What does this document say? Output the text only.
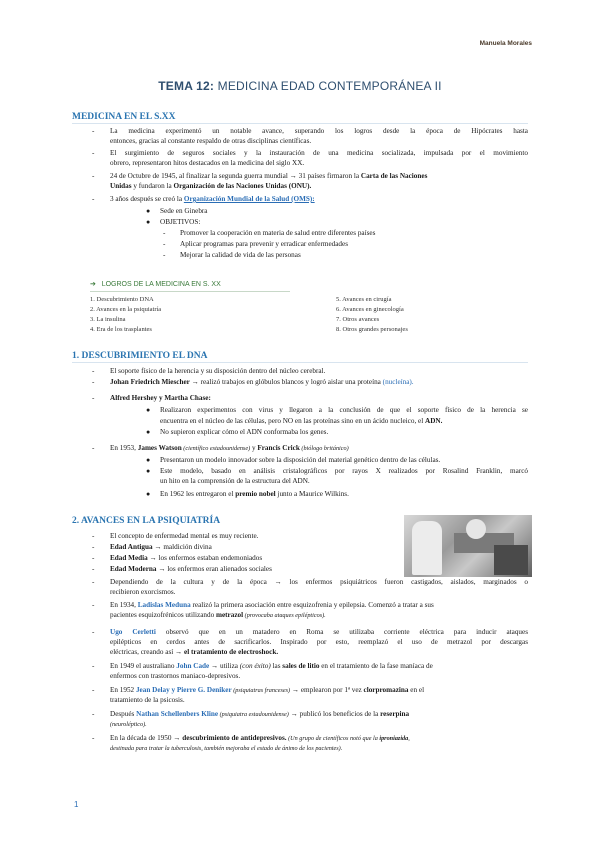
Manuela Morales
TEMA 12: MEDICINA EDAD CONTEMPORÁNEA II
MEDICINA EN EL S.XX
- La medicina experimentó un notable avance, superando los logros desde la época de Hipócrates hasta
entonces, gracias al constante respaldo de otras disciplinas científicas.
- El surgimiento de seguros sociales y la instauración de una medicina socializada, impulsada por el movimiento
obrero, representaron hitos destacados en la medicina del siglo XX.
- 24 de Octubre de 1945, al finalizar la segunda guerra mundial → 31 países firmaron la Carta de las Naciones
Unidas y fundaron la Organización de las Naciones Unidas (ONU).
- 3 años después se creó la Organización Mundial de la Salud (OMS):
● Sede en Ginebra
● OBJETIVOS:
- Promover la cooperación en materia de salud entre diferentes países
- Aplicar programas para prevenir y erradicar enfermedades
- Mejorar la calidad de vida de las personas
➔ LOGROS DE LA MEDICINA EN S. XX
1. Descubrimiento DNA
2. Avances en la psiquiatría
3. La insulina
4. Era de los trasplantes
5. Avances en cirugía
6. Avances en ginecología
7. Otros avances
8. Otros grandes personajes
1. DESCUBRIMIENTO EL DNA
- El soporte físico de la herencia y su disposición dentro del núcleo cerebral.
- Johan Friedrich Miescher → realizó trabajos en glóbulos blancos y logró aislar una proteína (nucleína).
- Alfred Hershey y Martha Chase:
● Realizaron experimentos con virus y llegaron a la conclusión de que el soporte físico de la herencia se
encuentra en el núcleo de las células, pero NO en las proteínas sino en un ácido nucleico, el ADN.
● No supieron explicar cómo el ADN conformaba los genes.
- En 1953, James Watson (científico estadounidense) y Francis Crick (biólogo británico)
● Presentaron un modelo innovador sobre la disposición del material genético dentro de las células.
● Este modelo, basado en análisis cristalográficos por rayos X realizados por Rosalind Franklin, marcó
un hito en la comprensión de la estructura del ADN.
● En 1962 les entregaron el premio nobel junto a Maurice Wilkins.
2. AVANCES EN LA PSIQUIATRÍA
- El concepto de enfermedad mental es muy reciente.
- Edad Antigua → maldición divina
- Edad Media → los enfermos estaban endemoniados
- Edad Moderna → los enfermos eran alienados sociales
- Dependiendo de la cultura y de la época → los enfermos psiquiátricos fueron castigados, aislados, marginados o
recibieron exorcismos.
- En 1934, Ladislas Meduna realizó la primera asociación entre esquizofrenia y epilepsia. Comenzó a tratar a sus
pacientes esquizofrénicos utilizando metrazol (provocaba ataques epilépticos).
- Ugo Cerletti observó que en un matadero en Roma se utilizaba corriente eléctrica para inducir ataques
epilépticos en cerdos antes de sacrificarlos. Inspirado por esto, reemplazó el uso de metrazol por descargas
eléctricas, creando así → el tratamiento de electroshock.
- En 1949 el australiano John Cade → utiliza (con éxito) las sales de litio en el tratamiento de la fase maníaca de
enfermos con trastornos maniaco-depresivos.
- En 1952 Jean Delay y Pierre G. Deniker (psiquiatras franceses) → emplearon por 1ª vez clorpromazina en el
tratamiento de la psicosis.
- Después Nathan Schellenbers Kline (psiquiatra estadounidense) → publicó los beneficios de la reserpina
(neuroléptico).
- En la década de 1950 → descubrimiento de antidepresivos. (Un grupo de científicos notó que la iproniazida,
destinada para tratar la tuberculosis, también mejoraba el estado de ánimo de los pacientes).
1
